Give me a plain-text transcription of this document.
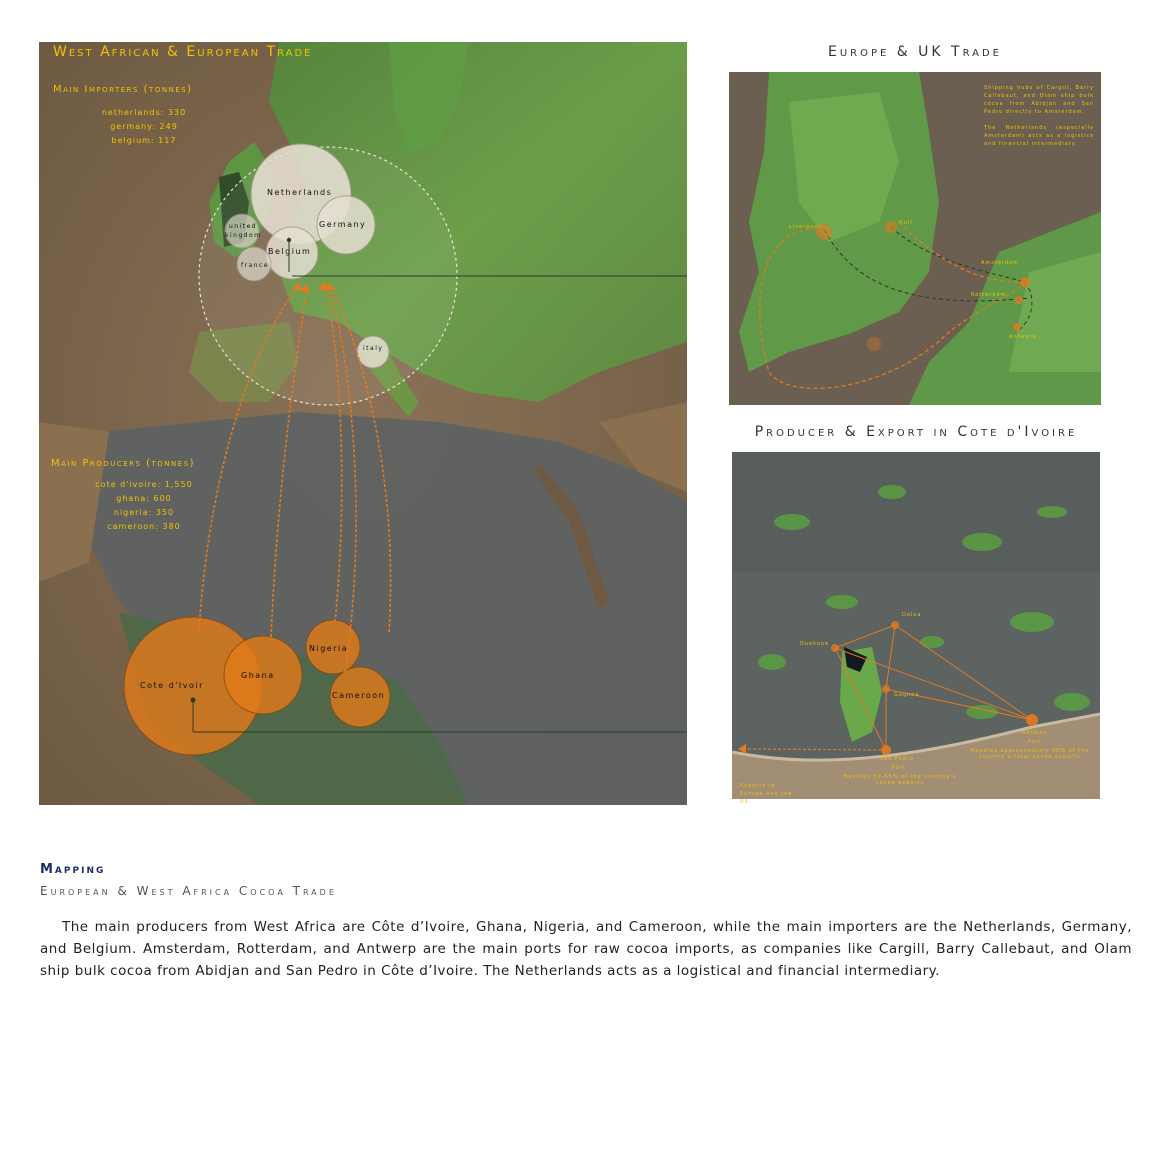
West African & European Trade
Main Importers (tonnes)
netherlands: 330
germany: 249
belgium: 117
Main Producers (tonnes)
cote d'ivoire: 1,550
ghana: 600
nigeria: 350
cameroon: 380
Netherlands
Germany
Belgium
united kingdom
france
italy
Cote d'Ivoir
Ghana
Nigeria
Cameroon
Europe & UK Trade
Shipping hubs of Cargill, Barry Callebaut, and Olam ship bulk cocoa from Abidjan and San Pedro directly to Amsterdam.
The Netherlands (especially Amsterdam) acts as a logistics and financial intermediary.
Liverpool
Hull
Amsterdam
Rotterdam
Antwerp
Producer & Export in Cote d'Ivoire
Daloa
Duekoue
Gagnoa
San Pedro
Port
Handles 50-55% of the country's cocoa exports
Abidjan
Port
Handles approximately 40% of the country's total cocoa exports
Exports to Europe and the US
Mapping
European & West Africa Cocoa Trade
The main producers from West Africa are Côte d’Ivoire, Ghana, Nigeria, and Cameroon, while the main importers are the Netherlands, Germany, and Belgium. Amsterdam, Rotterdam, and Antwerp are the main ports for raw cocoa imports, as companies like Cargill, Barry Callebaut, and Olam ship bulk cocoa from Abidjan and San Pedro in Côte d’Ivoire. The Netherlands acts as a logistical and financial intermediary.
